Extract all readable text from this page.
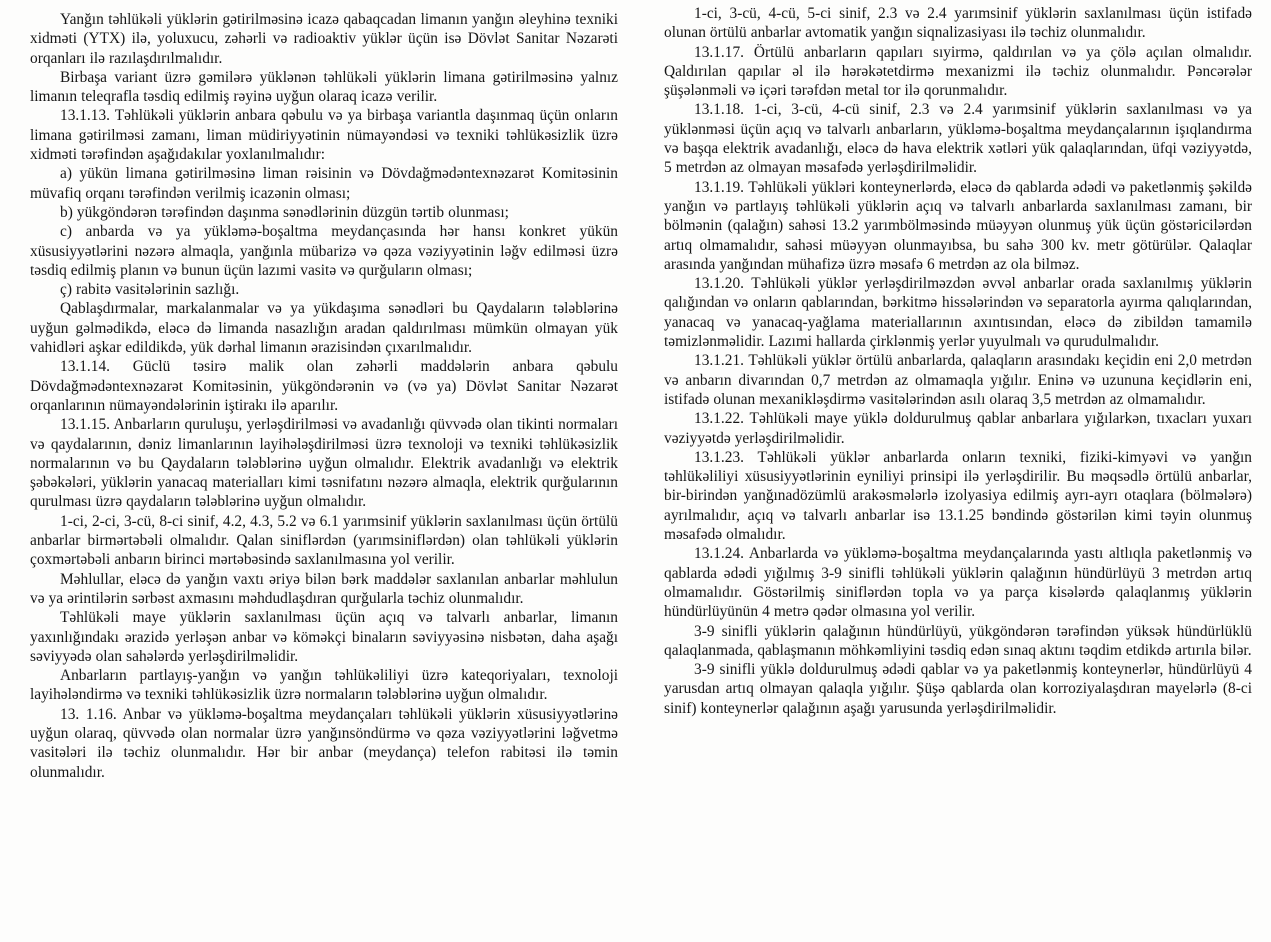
Yanğın təhlükəli yüklərin gətirilməsinə icazə qabaqcadan limanın yanğın əleyhinə texniki xidməti (YTX) ilə, yoluxucu, zəhərli və radioaktiv yüklər üçün isə Dövlət Sanitar Nəzarəti orqanları ilə razılaşdırılmalıdır.

Birbaşa variant üzrə gəmilərə yüklənən təhlükəli yüklərin limana gətirilməsinə yalnız limanın teleqrafla təsdiq edilmiş rəyinə uyğun olaraq icazə verilir.

13.1.13. Təhlükəli yüklərin anbara qəbulu və ya birbaşa variantla daşınmaq üçün onların limana gətirilməsi zamanı, liman müdiriyyətinin nümayəndəsi və texniki təhlükəsizlik üzrə xidməti tərəfindən aşağıdakılar yoxlanılmalıdır:

a) yükün limana gətirilməsinə liman rəisinin və Dövdağmədəntexnəzarət Komitəsinin müvafiq orqanı tərəfindən verilmiş icazənin olması;

b) yükgöndərən tərəfindən daşınma sənədlərinin düzgün tərtib olunması;

c) anbarda və ya yükləmə-boşaltma meydançasında hər hansı konkret yükün xüsusiyyətlərini nəzərə almaqla, yanğınla mübarizə və qəza vəziyyətinin ləğv edilməsi üzrə təsdiq edilmiş planın və bunun üçün lazımi vasitə və qurğuların olması;

ç) rabitə vasitələrinin sazlığı.

Qablaşdırmalar, markalanmalar və ya yükdaşıma sənədləri bu Qaydaların tələblərinə uyğun gəlmədikdə, eləcə də limanda nasazlığın aradan qaldırılması mümkün olmayan yük vahidləri aşkar edildikdə, yük dərhal limanın ərazisindən çıxarılmalıdır.

13.1.14. Güclü təsirə malik olan zəhərli maddələrin anbara qəbulu Dövdağmədəntexnəzarət Komitəsinin, yükgöndərənin və (və ya) Dövlət Sanitar Nəzarət orqanlarının nümayəndələrinin iştirakı ilə aparılır.

13.1.15. Anbarların quruluşu, yerləşdirilməsi və avadanlığı qüvvədə olan tikinti normaları və qaydalarının, dəniz limanlarının layihələşdirilməsi üzrə texnoloji və texniki təhlükəsizlik normalarının və bu Qaydaların tələblərinə uyğun olmalıdır. Elektrik avadanlığı və elektrik şəbəkələri, yüklərin yanacaq materialları kimi təsnifatını nəzərə almaqla, elektrik qurğularının qurulması üzrə qaydaların tələblərinə uyğun olmalıdır.

1-ci, 2-ci, 3-cü, 8-ci sinif, 4.2, 4.3, 5.2 və 6.1 yarımsinif yüklərin saxlanılması üçün örtülü anbarlar birmərtəbəli olmalıdır. Qalan siniflərdən (yarımsiniflərdən) olan təhlükəli yüklərin çoxmərtəbəli anbarın birinci mərtəbəsində saxlanılmasına yol verilir.

Məhlullar, eləcə də yanğın vaxtı əriyə bilən bərk maddələr saxlanılan anbarlar məhlulun və ya ərintilərin sərbəst axmasını məhdudlaşdıran qurğularla təchiz olunmalıdır.

Təhlükəli maye yüklərin saxlanılması üçün açıq və talvarlı anbarlar, limanın yaxınlığındakı ərazidə yerləşən anbar və köməkçi binaların səviyyəsinə nisbətən, daha aşağı səviyyədə olan sahələrdə yerləşdirilməlidir.

Anbarların partlayış-yanğın və yanğın təhlükəliliyi üzrə kateqoriyaları, texnoloji layihələndirmə və texniki təhlükəsizlik üzrə normaların tələblərinə uyğun olmalıdır.

13. 1.16. Anbar və yükləmə-boşaltma meydançaları təhlükəli yüklərin xüsusiyyətlərinə uyğun olaraq, qüvvədə olan normalar üzrə yanğınsöndürmə və qəza vəziyyətlərini ləğvetmə vasitələri ilə təchiz olunmalıdır. Hər bir anbar (meydança) telefon rabitəsi ilə təmin olunmalıdır.

1-ci, 3-cü, 4-cü, 5-ci sinif, 2.3 və 2.4 yarımsinif yüklərin saxlanılması üçün istifadə olunan örtülü anbarlar avtomatik yanğın siqnalizasiyası ilə təchiz olunmalıdır.

13.1.17. Örtülü anbarların qapıları sıyirmə, qaldırılan və ya çölə açılan olmalıdır. Qaldırılan qapılar əl ilə hərəkətetdirmə mexanizmi ilə təchiz olunmalıdır. Pəncərələr şüşələnməli və içəri tərəfdən metal tor ilə qorunmalıdır.

13.1.18. 1-ci, 3-cü, 4-cü sinif, 2.3 və 2.4 yarımsinif yüklərin saxlanılması və ya yüklənməsi üçün açıq və talvarlı anbarların, yükləmə-boşaltma meydançalarının işıqlandırma və başqa elektrik avadanlığı, eləcə də hava elektrik xətləri yük qalaqlarından, üfqi vəziyyətdə, 5 metrdən az olmayan məsafədə yerləşdirilməlidir.

13.1.19. Təhlükəli yükləri konteynerlərdə, eləcə də qablarda ədədi və paketlənmiş şəkildə yanğın və partlayış təhlükəli yüklərin açıq və talvarlı anbarlarda saxlanılması zamanı, bir bölmənin (qalağın) sahəsi 13.2 yarımbölməsində müəyyən olunmuş yük üçün göstəricilərdən artıq olmamalıdır, sahəsi müəyyən olunmayıbsa, bu sahə 300 kv. metr götürülər. Qalaqlar arasında yanğından mühafizə üzrə məsafə 6 metrdən az ola bilməz.

13.1.20. Təhlükəli yüklər yerləşdirilməzdən əvvəl anbarlar orada saxlanılmış yüklərin qalığından və onların qablarından, bərkitmə hissələrindən və separatorla ayırma qalıqlarından, yanacaq və yanacaq-yağlama materiallarının axıntısından, eləcə də zibildən tamamilə təmizlənməlidir. Lazımi hallarda çirklənmiş yerlər yuyulmalı və qurudulmalıdır.

13.1.21. Təhlükəli yüklər örtülü anbarlarda, qalaqların arasındakı keçidin eni 2,0 metrdən və anbarın divarından 0,7 metrdən az olmamaqla yığılır. Eninə və uzununa keçidlərin eni, istifadə olunan mexanikləşdirmə vasitələrindən asılı olaraq 3,5 metrdən az olmamalıdır.

13.1.22. Təhlükəli maye yüklə doldurulmuş qablar anbarlara yığılarkən, tıxacları yuxarı vəziyyətdə yerləşdirilməlidir.

13.1.23. Təhlükəli yüklər anbarlarda onların texniki, fiziki-kimyəvi və yanğın təhlükəliliyi xüsusiyyətlərinin eyniliyi prinsipi ilə yerləşdirilir. Bu məqsədlə örtülü anbarlar, bir-birindən yanğınadözümlü arakəsmələrlə izolyasiya edilmiş ayrı-ayrı otaqlara (bölmələrə) ayrılmalıdır, açıq və talvarlı anbarlar isə 13.1.25 bəndində göstərilən kimi təyin olunmuş məsafədə olmalıdır.

13.1.24. Anbarlarda və yükləmə-boşaltma meydançalarında yastı altlıqla paketlənmiş və qablarda ədədi yığılmış 3-9 sinifli təhlükəli yüklərin qalağının hündürlüyü 3 metrdən artıq olmamalıdır. Göstərilmiş siniflərdən topla və ya parça kisələrdə qalaqlanmış yüklərin hündürlüyünün 4 metrə qədər olmasına yol verilir.

3-9 sinifli yüklərin qalağının hündürlüyü, yükgöndərən tərəfindən yüksək hündürlüklü qalaqlanmada, qablaşmanın möhkəmliyini təsdiq edən sınaq aktını təqdim etdikdə artırıla bilər.

3-9 sinifli yüklə doldurulmuş ədədi qablar və ya paketlənmiş konteynerlər, hündürlüyü 4 yarusdan artıq olmayan qalaqla yığılır. Şüşə qablarda olan korroziyalaşdıran mayelərlə (8-ci sinif) konteynerlər qalağının aşağı yarusunda yerləşdirilməlidir.
